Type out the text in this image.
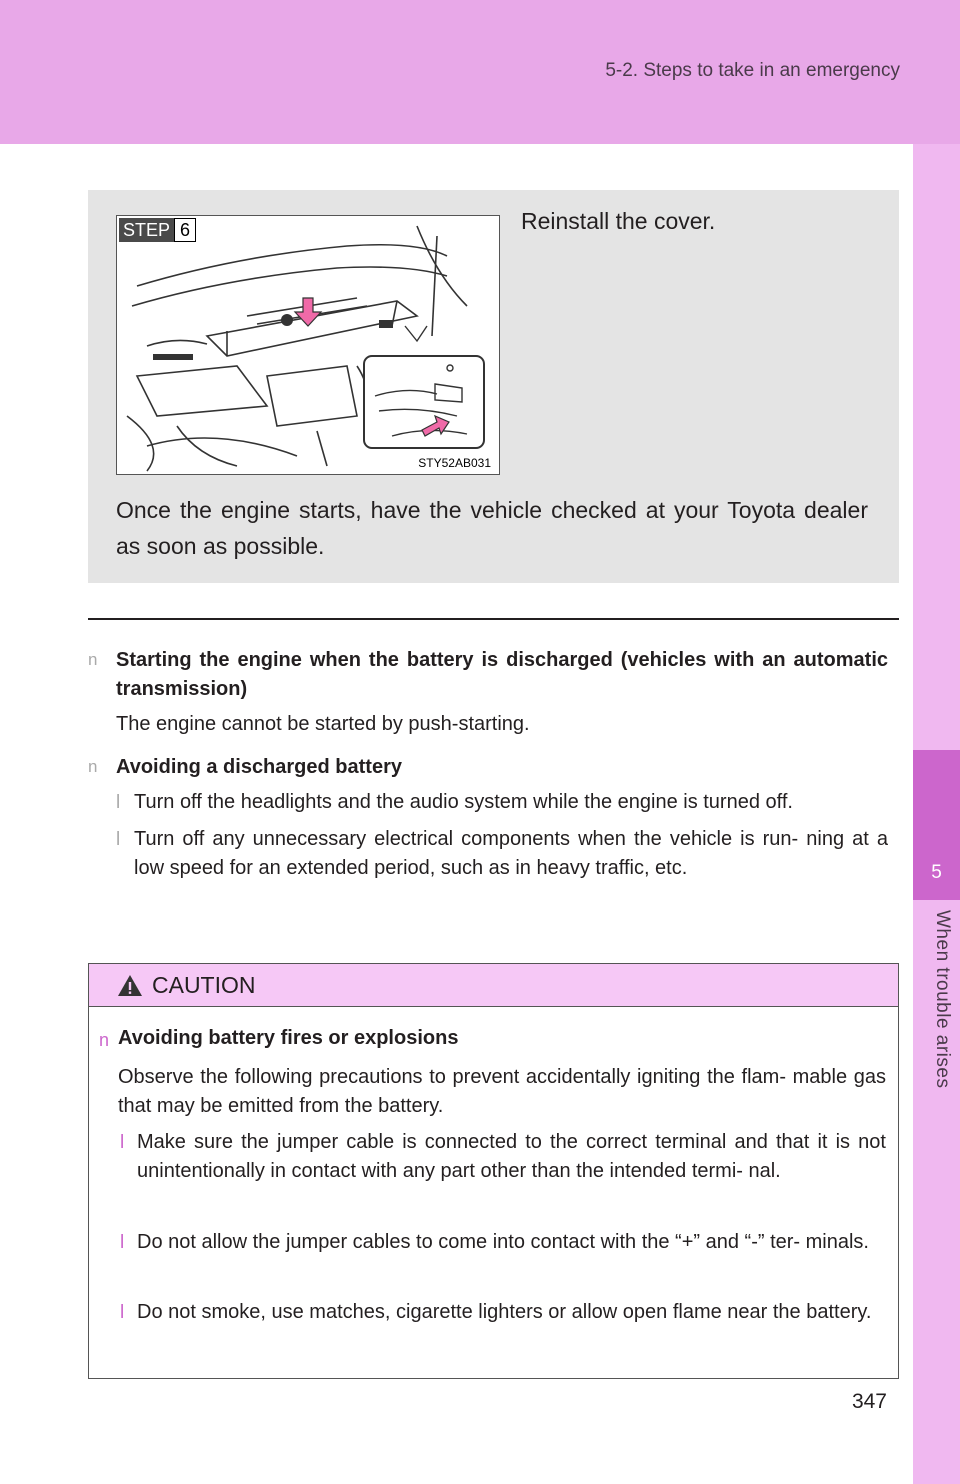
5-2. Steps to take in an emergency
5
When trouble arises
STEP 6
STY52AB031
Reinstall the cover.
Once the engine starts, have the vehicle checked at your Toyota dealer as soon as possible.
n Starting the engine when the battery is discharged (vehicles with an automatic transmission)
The engine cannot be started by push-starting.
n Avoiding a discharged battery
l Turn off the headlights and the audio system while the engine is turned off.
l Turn off any unnecessary electrical components when the vehicle is run- ning at a low speed for an extended period, such as in heavy traffic, etc.
CAUTION
n Avoiding battery fires or explosions
Observe the following precautions to prevent accidentally igniting the flam- mable gas that may be emitted from the battery.
l Make sure the jumper cable is connected to the correct terminal and that it is not unintentionally in contact with any part other than the intended termi- nal.
l Do not allow the jumper cables to come into contact with the “+” and “-” ter- minals.
l Do not smoke, use matches, cigarette lighters or allow open flame near the battery.
347
